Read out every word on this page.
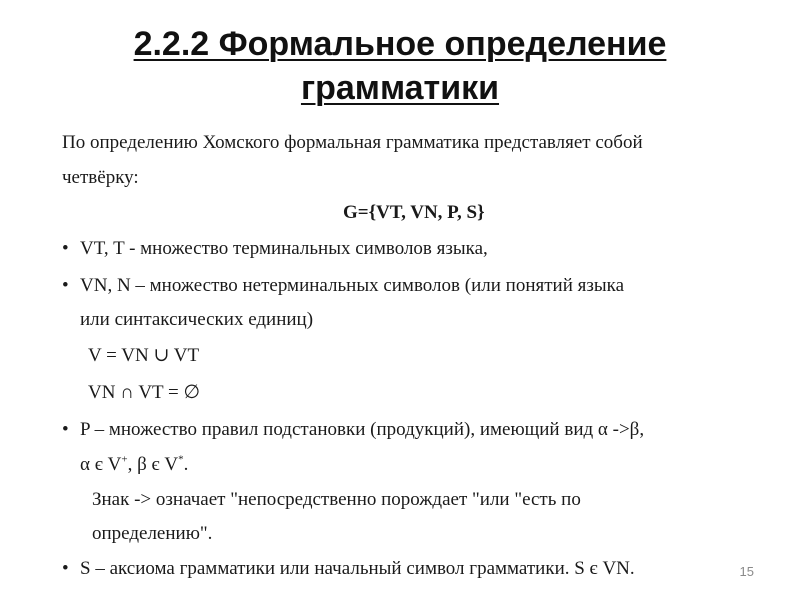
2.2.2 Формальное определение
грамматики
По определению Хомского формальная грамматика представляет собой
четвёрку:
G={VT, VN, P, S}
• VT, T - множество терминальных символов языка,
• VN, N – множество нетерминальных символов (или понятий языка
или синтаксических единиц)
V = VN ∪ VT
VN ∩ VT = ∅
• P – множество правил подстановки (продукций), имеющий вид α ->β,
α є V+, β є V*.
Знак -> означает "непосредственно порождает "или "есть по
определению".
• S – аксиома грамматики или начальный символ грамматики. S є VN.	15
